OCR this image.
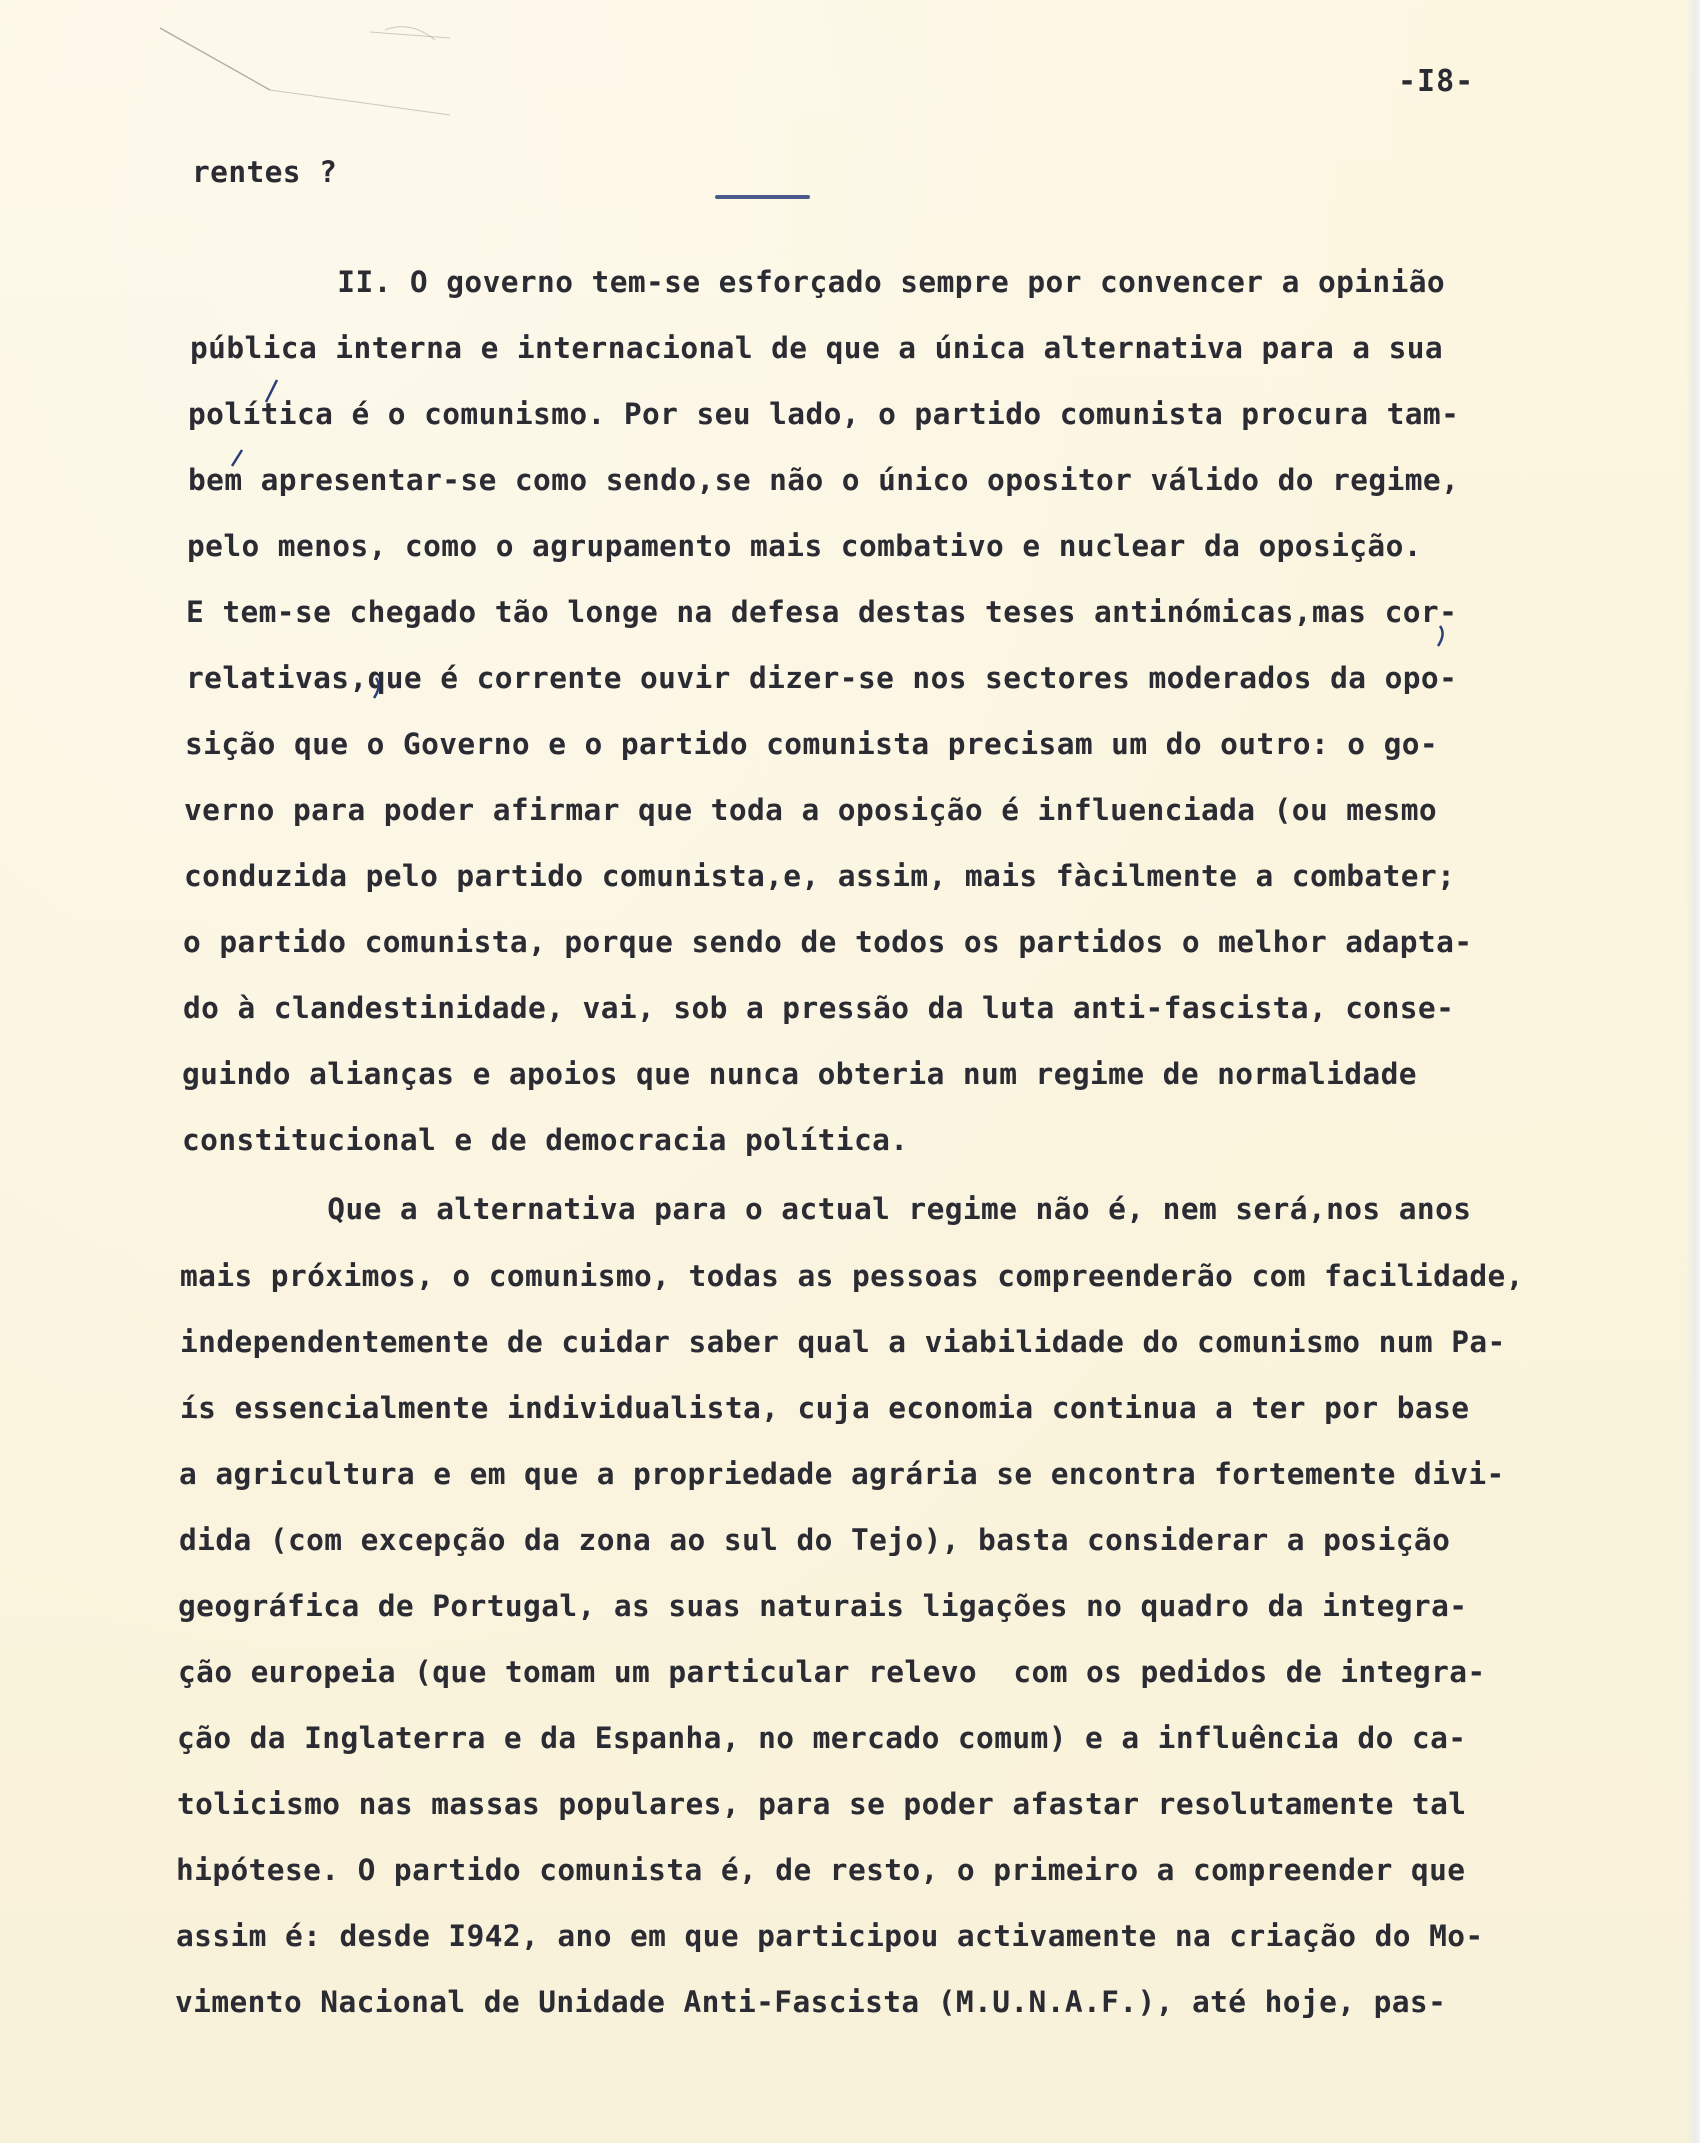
-I8-
rentes ?
II. O governo tem-se esforçado sempre por convencer a opinião
pública interna e internacional de que a única alternativa para a sua
política é o comunismo. Por seu lado, o partido comunista procura tam-
bem apresentar-se como sendo,se não o único opositor válido do regime,
pelo menos, como o agrupamento mais combativo e nuclear da oposição.
E tem-se chegado tão longe na defesa destas teses antinómicas,mas cor-
relativas,que é corrente ouvir dizer-se nos sectores moderados da opo-
sição que o Governo e o partido comunista precisam um do outro: o go-
verno para poder afirmar que toda a oposição é influenciada (ou mesmo
conduzida pelo partido comunista,e, assim, mais fàcilmente a combater;
o partido comunista, porque sendo de todos os partidos o melhor adapta-
do à clandestinidade, vai, sob a pressão da luta anti-fascista, conse-
guindo alianças e apoios que nunca obteria num regime de normalidade
constitucional e de democracia política.
Que a alternativa para o actual regime não é, nem será,nos anos
mais próximos, o comunismo, todas as pessoas compreenderão com facilidade,
independentemente de cuidar saber qual a viabilidade do comunismo num Pa-
ís essencialmente individualista, cuja economia continua a ter por base
a agricultura e em que a propriedade agrária se encontra fortemente divi-
dida (com excepção da zona ao sul do Tejo), basta considerar a posição
geográfica de Portugal, as suas naturais ligações no quadro da integra-
ção europeia (que tomam um particular relevo  com os pedidos de integra-
ção da Inglaterra e da Espanha, no mercado comum) e a influência do ca-
tolicismo nas massas populares, para se poder afastar resolutamente tal
hipótese. O partido comunista é, de resto, o primeiro a compreender que
assim é: desde I942, ano em que participou activamente na criação do Mo-
vimento Nacional de Unidade Anti-Fascista (M.U.N.A.F.), até hoje, pas-
